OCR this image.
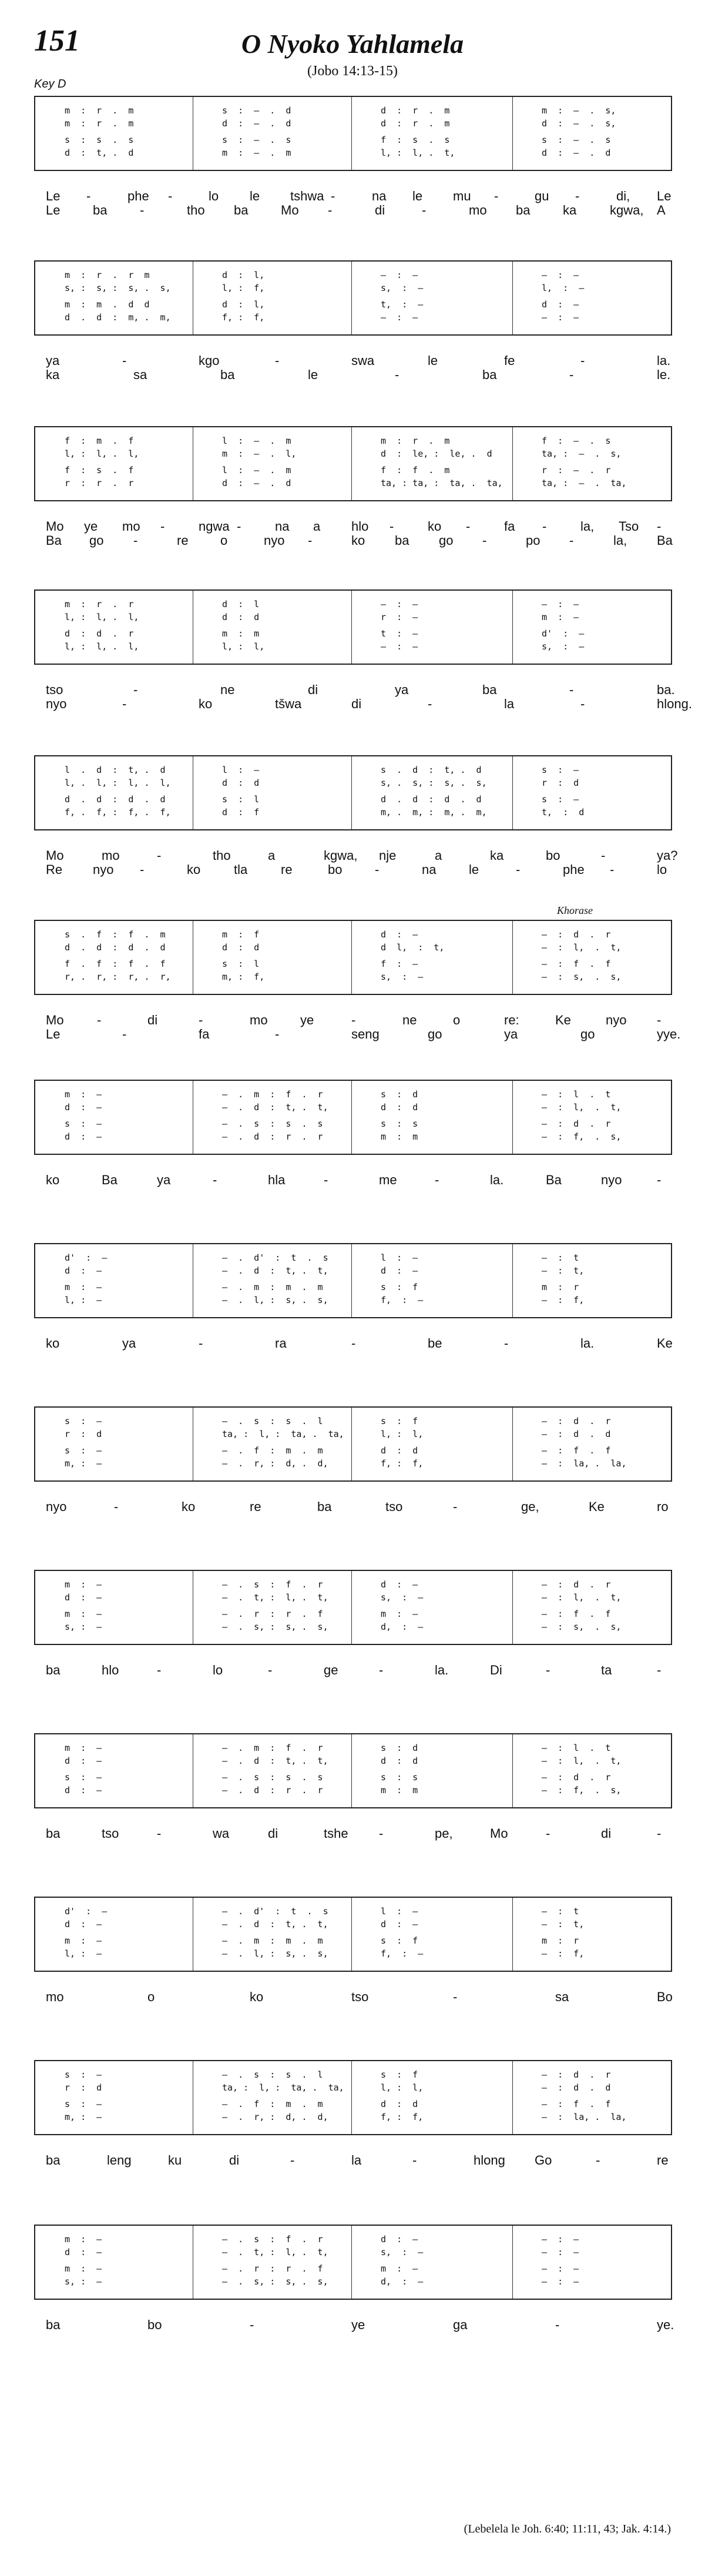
151	O Nyoko Yahlamela
(Jobo 14:13-15)
Key D
m  :  r  .  m	s  :  –  .  d	d  :  r  .  m	m  :  –  .  s,
m  :  r  .  m	d  :  –  .  d	d  :  r  .  m	d  :  –  .  s,
s  :  s  .  s	s  :  –  .  s	f  :  s  .  s	s  :  –  .  s
d  :  t, .  d	m  :  –  .  m	l, :  l, .  t,	d  :  –  .  d
Le -	phe -	lo le tshwa -	na le mu -	gu -	di, Le
Le	ba	-	tho ba	Mo -	di	-	mo ba	ka	kgwa, A
m  :  r  .  r  m	d  :  l,	—  :  —	—  :  —
s, :  s, :  s, .  s,	l, :  f,	s,  :  —	l,  :  —
m  :  m  .  d  d	d  :  l,	t,  :  —	d  :  —
d  .  d  :  m, .  m,	f, :  f,	—  :  —	—  :  —
ya	-	kgo	-	swa	le	fe	-	la.
ka	sa	ba	le	-	ba	-	le.
f  :  m  .  f	l  :  –  .  m	m  :  r  .  m	f  :  –  .  s
l, :  l, .  l,	m  :  –  .  l,	d  :  le, :  le, .  d	ta, :  –  .  s,
f  :  s  .  f	l  :  –  .  m	f  :  f  .  m	r  :  –  .  r
r  :  r  .  r	d  :  –  .  d	ta, : ta, :  ta, .  ta,	ta, :  –  .  ta,
Mo ye mo -	ngwa -	na a hlo -	ko -	fa -	la, Tso -
Ba go -	re o	nyo -	ko ba go -	po -	la, Ba
m  :  r  .  r	d  :  l	—  :  —	—  :  —
l, :  l, .  l,	d  :  d	r  :  —	m  :  —
d  :  d  .  r	m  :  m	t  :  —	d'  :  —
l, :  l, .  l,	l, :  l,	—  :  —	s,  :  —
tso	-	ne	di	ya	ba	-	ba.
nyo	-	ko	tšwa	di	-	la	-	hlong.
l  .  d  :  t, .  d	l  :  —	s  .  d  :  t, .  d	s  :  —
l, .  l, :  l, .  l,	d  :  d	s, .  s, :  s, .  s,	r  :  d
d  .  d  :  d  .  d	s  :  l	d  .  d  :  d  .  d	s  :  —
f, .  f, :  f, .  f,	d  :  f	m, .  m, :  m, .  m,	t,  :  d
Mo	mo	-	tho	a	kgwa, nje	a	ka	bo	-	ya?
Re nyo -	ko	tla	re	bo	-	na	le	-	phe -	lo
s  .  f  :  f  .  m	m  :  f	d  :  —	—  :  d  .  r
d  .  d  :  d  .  d	d  :  d	d  l,  :  t,	—  :  l,  .  t,
f  .  f  :  f  .  f	s  :  l	f  :  —	—  :  f  .  f
r, .  r, :  r, .  r,	m, :  f,	s,  :  —	—  :  s,  .  s,
Khorase
Mo	-	di	-	mo	ye	-	ne	o	re:	Ke	nyo -
Le	-	fa	-	seng	go	ya	go	yye.
m  :  —	–  .  m  :  f  .  r	s  :  d	—  :  l  .  t
d  :  —	–  .  d  :  t, .  t,	d  :  d	—  :  l,  .  t,
s  :  —	–  .  s  :  s  .  s	s  :  s	—  :  d  .  r
d  :  —	–  .  d  :  r  .  r	m  :  m	—  :  f,  .  s,
ko	Ba	ya	-	hla	-	me	-	la.	Ba	nyo	-
d'  :  —	–  .  d'  :  t  .  s	l  :  —	—  :  t
d  :  —	–  .  d  :  t, .  t,	d  :  —	—  :  t,
m  :  —	–  .  m  :  m  .  m	s  :  f	m  :  r
l, :  —	–  .  l, :  s, .  s,	f,  :  —	—  :  f,
ko	ya	-	ra	-	be	-	la.	Ke
s  :  —	–  .  s  :  s  .  l	s  :  f	—  :  d  .  r
r  :  d	ta, :  l, :  ta, .  ta,	l, :  l,	—  :  d  .  d
s  :  —	–  .  f  :  m  .  m	d  :  d	—  :  f  .  f
m, :  —	–  .  r, :  d, .  d,	f, :  f,	—  :  la, .  la,
nyo	-	ko	re	ba	tso	-	ge,	Ke	ro
m  :  —	–  .  s  :  f  .  r	d  :  —	—  :  d  .  r
d  :  —	–  .  t, :  l, .  t,	s,  :  —	—  :  l,  .  t,
m  :  —	–  .  r  :  r  .  f	m  :  —	—  :  f  .  f
s, :  —	–  .  s, :  s, .  s,	d,  :  —	—  :  s,  .  s,
ba	hlo	-	lo	-	ge	-	la.	Di	-	ta	-
m  :  —	–  .  m  :  f  .  r	s  :  d	—  :  l  .  t
d  :  —	–  .  d  :  t, .  t,	d  :  d	—  :  l,  .  t,
s  :  —	–  .  s  :  s  .  s	s  :  s	—  :  d  .  r
d  :  —	–  .  d  :  r  .  r	m  :  m	—  :  f,  .  s,
ba	tso	-	wa	di	tshe -	pe,	Mo	-	di	-
d'  :  —	–  .  d'  :  t  .  s	l  :  —	—  :  t
d  :  —	–  .  d  :  t, .  t,	d  :  —	—  :  t,
m  :  —	–  .  m  :  m  .  m	s  :  f	m  :  r
l, :  —	–  .  l, :  s, .  s,	f,  :  —	—  :  f,
mo	o	ko	tso	-	sa	Bo
s  :  —	–  .  s  :  s  .  l	s  :  f	—  :  d  .  r
r  :  d	ta, :  l, :  ta, .  ta,	l, :  l,	—  :  d  .  d
s  :  —	–  .  f  :  m  .  m	d  :  d	—  :  f  .  f
m, :  —	–  .  r, :  d, .  d,	f, :  f,	—  :  la, .  la,
ba	leng	ku	di	-	la	-	hlong Go	-	re
m  :  —	–  .  s  :  f  .  r	d  :  —	—  :  —
d  :  —	–  .  t, :  l, .  t,	s,  :  —	—  :  —
m  :  —	–  .  r  :  r  .  f	m  :  —	—  :  —
s, :  —	–  .  s, :  s, .  s,	d,  :  —	—  :  —
ba	bo	-	ye	ga	-	ye.
(Lebelela le Joh. 6:40; 11:11, 43; Jak. 4:14.)
